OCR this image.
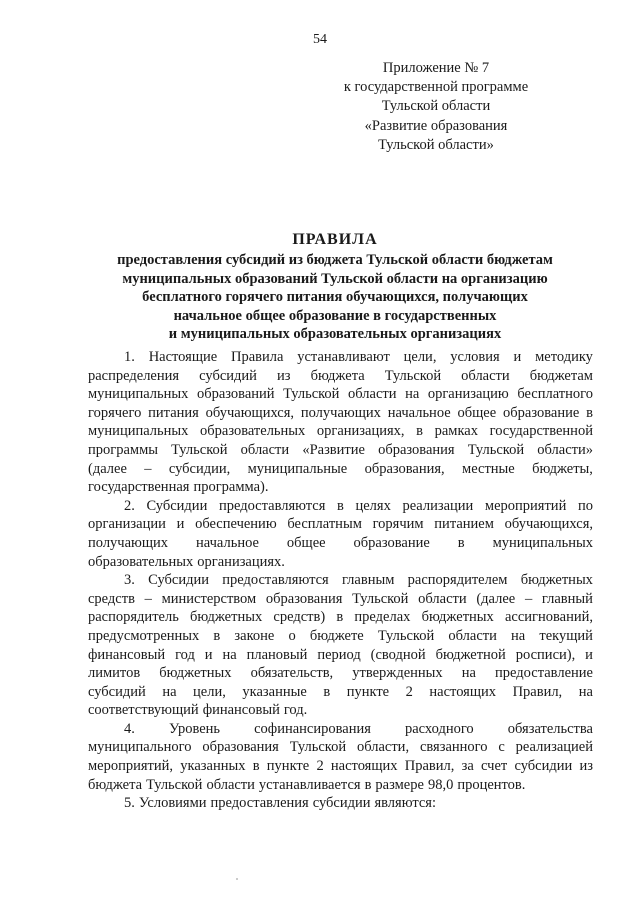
54
Приложение № 7
к государственной программе
Тульской области
«Развитие образования
Тульской области»
ПРАВИЛА
предоставления субсидий из бюджета Тульской области бюджетам
муниципальных образований Тульской области на организацию
бесплатного горячего питания обучающихся, получающих
начальное общее образование в государственных
и муниципальных образовательных организациях
1. Настоящие Правила устанавливают цели, условия и методику
распределения субсидий из бюджета Тульской области бюджетам
муниципальных образований Тульской области на организацию бесплатного
горячего питания обучающихся, получающих начальное общее образование в
муниципальных образовательных организациях, в рамках государственной
программы Тульской области «Развитие образования Тульской области»
(далее – субсидии, муниципальные образования, местные бюджеты,
государственная программа).
2. Субсидии предоставляются в целях реализации мероприятий по
организации и обеспечению бесплатным горячим питанием обучающихся,
получающих начальное общее образование в муниципальных
образовательных организациях.
3. Субсидии предоставляются главным распорядителем бюджетных
средств – министерством образования Тульской области (далее – главный
распорядитель бюджетных средств) в пределах бюджетных ассигнований,
предусмотренных в законе о бюджете Тульской области на текущий
финансовый год и на плановый период (сводной бюджетной росписи), и
лимитов бюджетных обязательств, утвержденных на предоставление
субсидий на цели, указанные в пункте 2 настоящих Правил, на
соответствующий финансовый год.
4. Уровень софинансирования расходного обязательства
муниципального образования Тульской области, связанного с реализацией
мероприятий, указанных в пункте 2 настоящих Правил, за счет субсидии из
бюджета Тульской области устанавливается в размере 98,0 процентов.
5. Условиями предоставления субсидии являются:
